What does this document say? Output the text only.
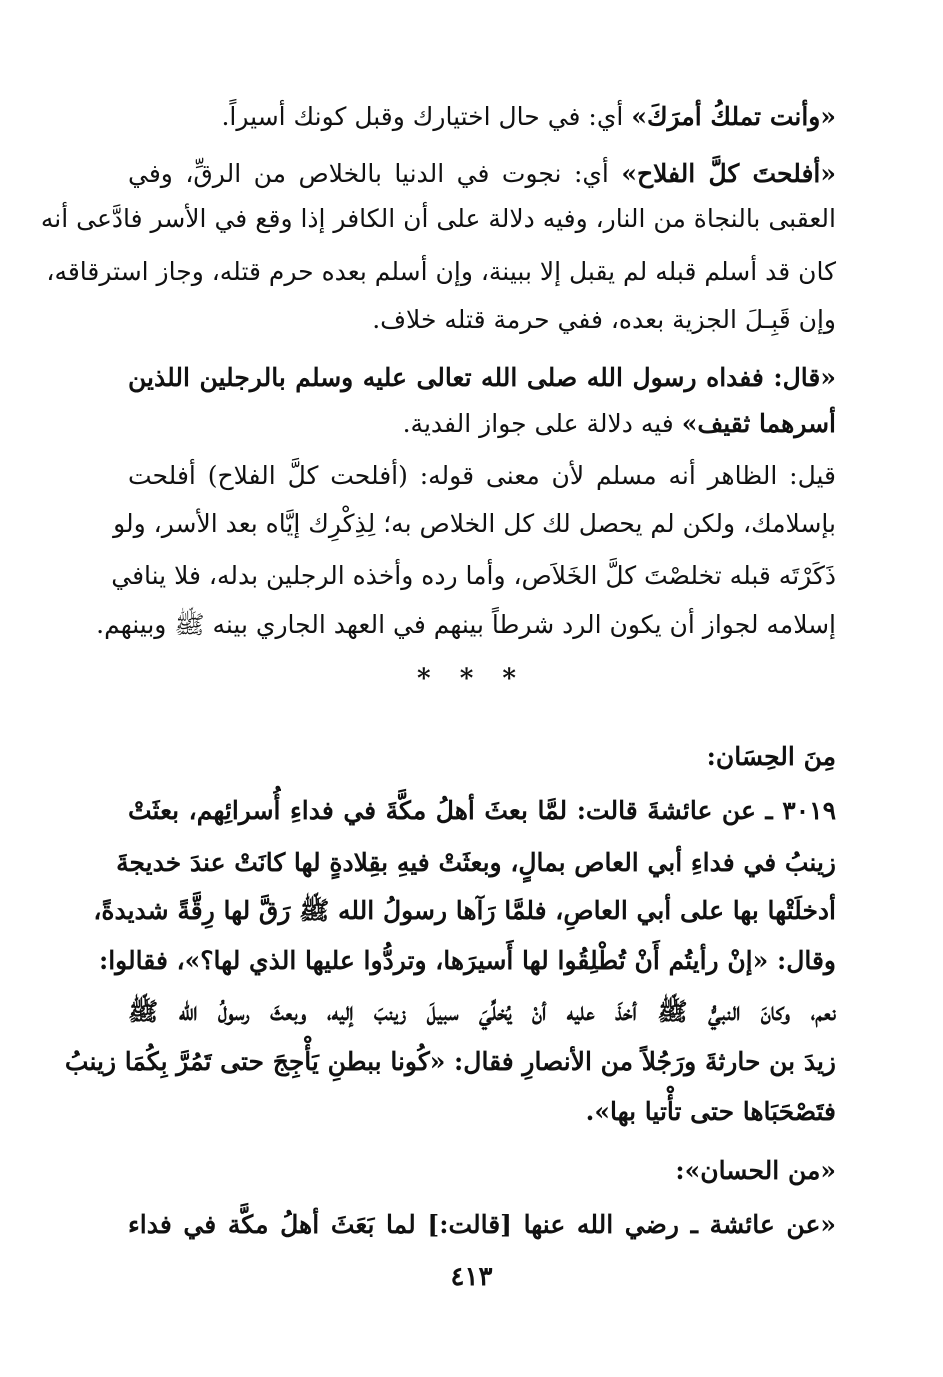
«وأنت تملكُ أمرَكَ» أي: في حال اختيارك وقبل كونك أسيراً.
«أفلحتَ كلَّ الفلاح» أي: نجوت في الدنيا بالخلاص من الرقِّ، وفي
العقبى بالنجاة من النار، وفيه دلالة على أن الكافر إذا وقع في الأسر فادَّعى أنه
كان قد أسلم قبله لم يقبل إلا ببينة، وإن أسلم بعده حرم قتله، وجاز استرقاقه،
وإن قَبِـلَ الجزية بعده، ففي حرمة قتله خلاف.
«قال: ففداه رسول الله صلى الله تعالى عليه وسلم بالرجلين اللذين
أسرهما ثقيف» فيه دلالة على جواز الفدية.
قيل: الظاهر أنه مسلم لأن معنى قوله: (أفلحت كلَّ الفلاح) أفلحت
بإسلامك، ولكن لم يحصل لك كل الخلاص به؛ لِذِكْرِك إيَّاه بعد الأسر، ولو
ذَكَرْتَه قبله تخلصْتَ كلَّ الخَلاَص، وأما رده وأخذه الرجلين بدله، فلا ينافي
إسلامه لجواز أن يكون الرد شرطاً بينهم في العهد الجاري بينه ﷺ وبينهم.
* * *
مِنَ الحِسَان:
٣٠١٩ ـ عن عائشةَ قالت: لمَّا بعثَ أهلُ مكَّةَ في فداءِ أُسرائِهم، بعثَتْ
زينبُ في فداءِ أبي العاص بمالٍ، وبعثَتْ فيهِ بقِلادةٍ لها كانَتْ عندَ خديجةَ
أدخلَتْها بها على أبي العاصِ، فلمَّا رَآها رسولُ الله ﷺ رَقَّ لها رِقَّةً شديدةً،
وقال: «إنْ رأيتُم أَنْ تُطْلِقُوا لها أَسيرَها، وتردُّوا عليها الذي لها؟»، فقالوا:
نعم، وكانَ النبيُّ ﷺ أخذَ عليه أنْ يُخلِّيَ سبيلَ زينبَ إليه، وبعثَ رسولُ الله ﷺ
زيدَ بن حارثةَ ورَجُلاً من الأنصارِ فقال: «كُونا ببطنِ يَأْجِجَ حتى تَمُرَّ بِكُمَا زينبُ
فتَصْحَبَاها حتى تأْتيا بها».
«من الحسان»:
«عن عائشة ـ رضي الله عنها [قالت:] لما بَعَثَ أهلُ مكَّة في فداء
٤١٣
